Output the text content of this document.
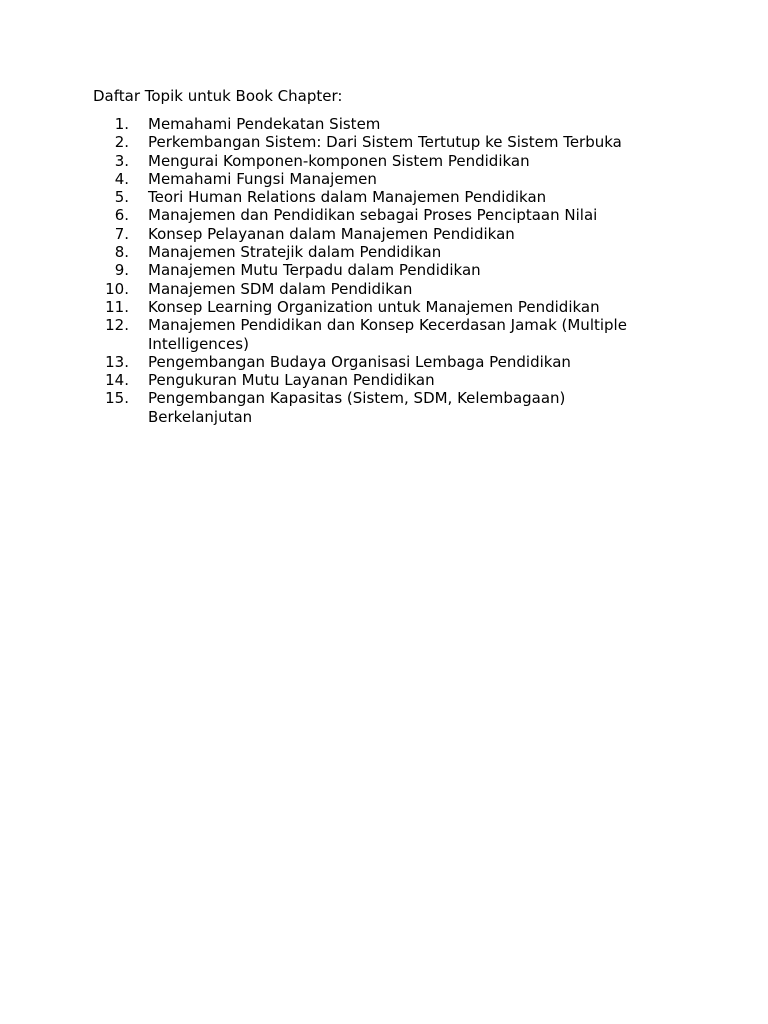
Daftar Topik untuk Book Chapter:

1. Memahami Pendekatan Sistem
2. Perkembangan Sistem: Dari Sistem Tertutup ke Sistem Terbuka
3. Mengurai Komponen-komponen Sistem Pendidikan
4. Memahami Fungsi Manajemen
5. Teori Human Relations dalam Manajemen Pendidikan
6. Manajemen dan Pendidikan sebagai Proses Penciptaan Nilai
7. Konsep Pelayanan dalam Manajemen Pendidikan
8. Manajemen Stratejik dalam Pendidikan
9. Manajemen Mutu Terpadu dalam Pendidikan
10. Manajemen SDM dalam Pendidikan
11. Konsep Learning Organization untuk Manajemen Pendidikan
12. Manajemen Pendidikan dan Konsep Kecerdasan Jamak (Multiple Intelligences)
13. Pengembangan Budaya Organisasi Lembaga Pendidikan
14. Pengukuran Mutu Layanan Pendidikan
15. Pengembangan Kapasitas (Sistem, SDM, Kelembagaan) Berkelanjutan
